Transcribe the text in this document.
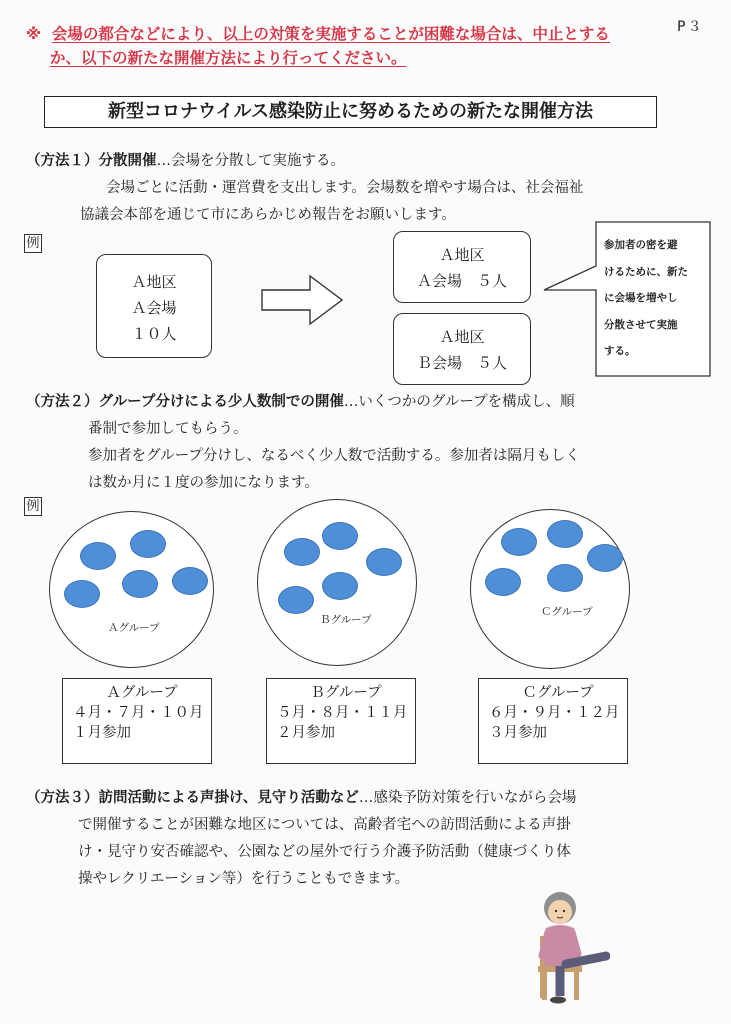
P３
※ 会場の都合などにより、以上の対策を実施することが困難な場合は、中止とする
か、以下の新たな開催方法により行ってください。
新型コロナウイルス感染防止に努めるための新たな開催方法
（方法１）分散開催…会場を分散して実施する。
会場ごとに活動・運営費を支出します。会場数を増やす場合は、社会福祉
協議会本部を通じて市にあらかじめ報告をお願いします。
例
Ａ地区
Ａ会場
１０人
Ａ地区
Ａ会場　５人
Ａ地区
Ｂ会場　５人
参加者の密を避
けるために、新た
に会場を増やし
分散させて実施
する。
（方法２）グループ分けによる少人数制での開催…いくつかのグループを構成し、順
番制で参加してもらう。
参加者をグループ分けし、なるべく少人数で活動する。参加者は隔月もしく
は数か月に１度の参加になります。
例
Ａグループ
Ｂグループ
Ｃグループ
Ａグループ
４月・７月・１０月
１月参加
Ｂグループ
５月・８月・１１月
２月参加
Ｃグループ
６月・９月・１２月
３月参加
（方法３）訪問活動による声掛け、見守り活動など…感染予防対策を行いながら会場
で開催することが困難な地区については、高齢者宅への訪問活動による声掛
け・見守り安否確認や、公園などの屋外で行う介護予防活動（健康づくり体
操やレクリエーション等）を行うこともできます。
